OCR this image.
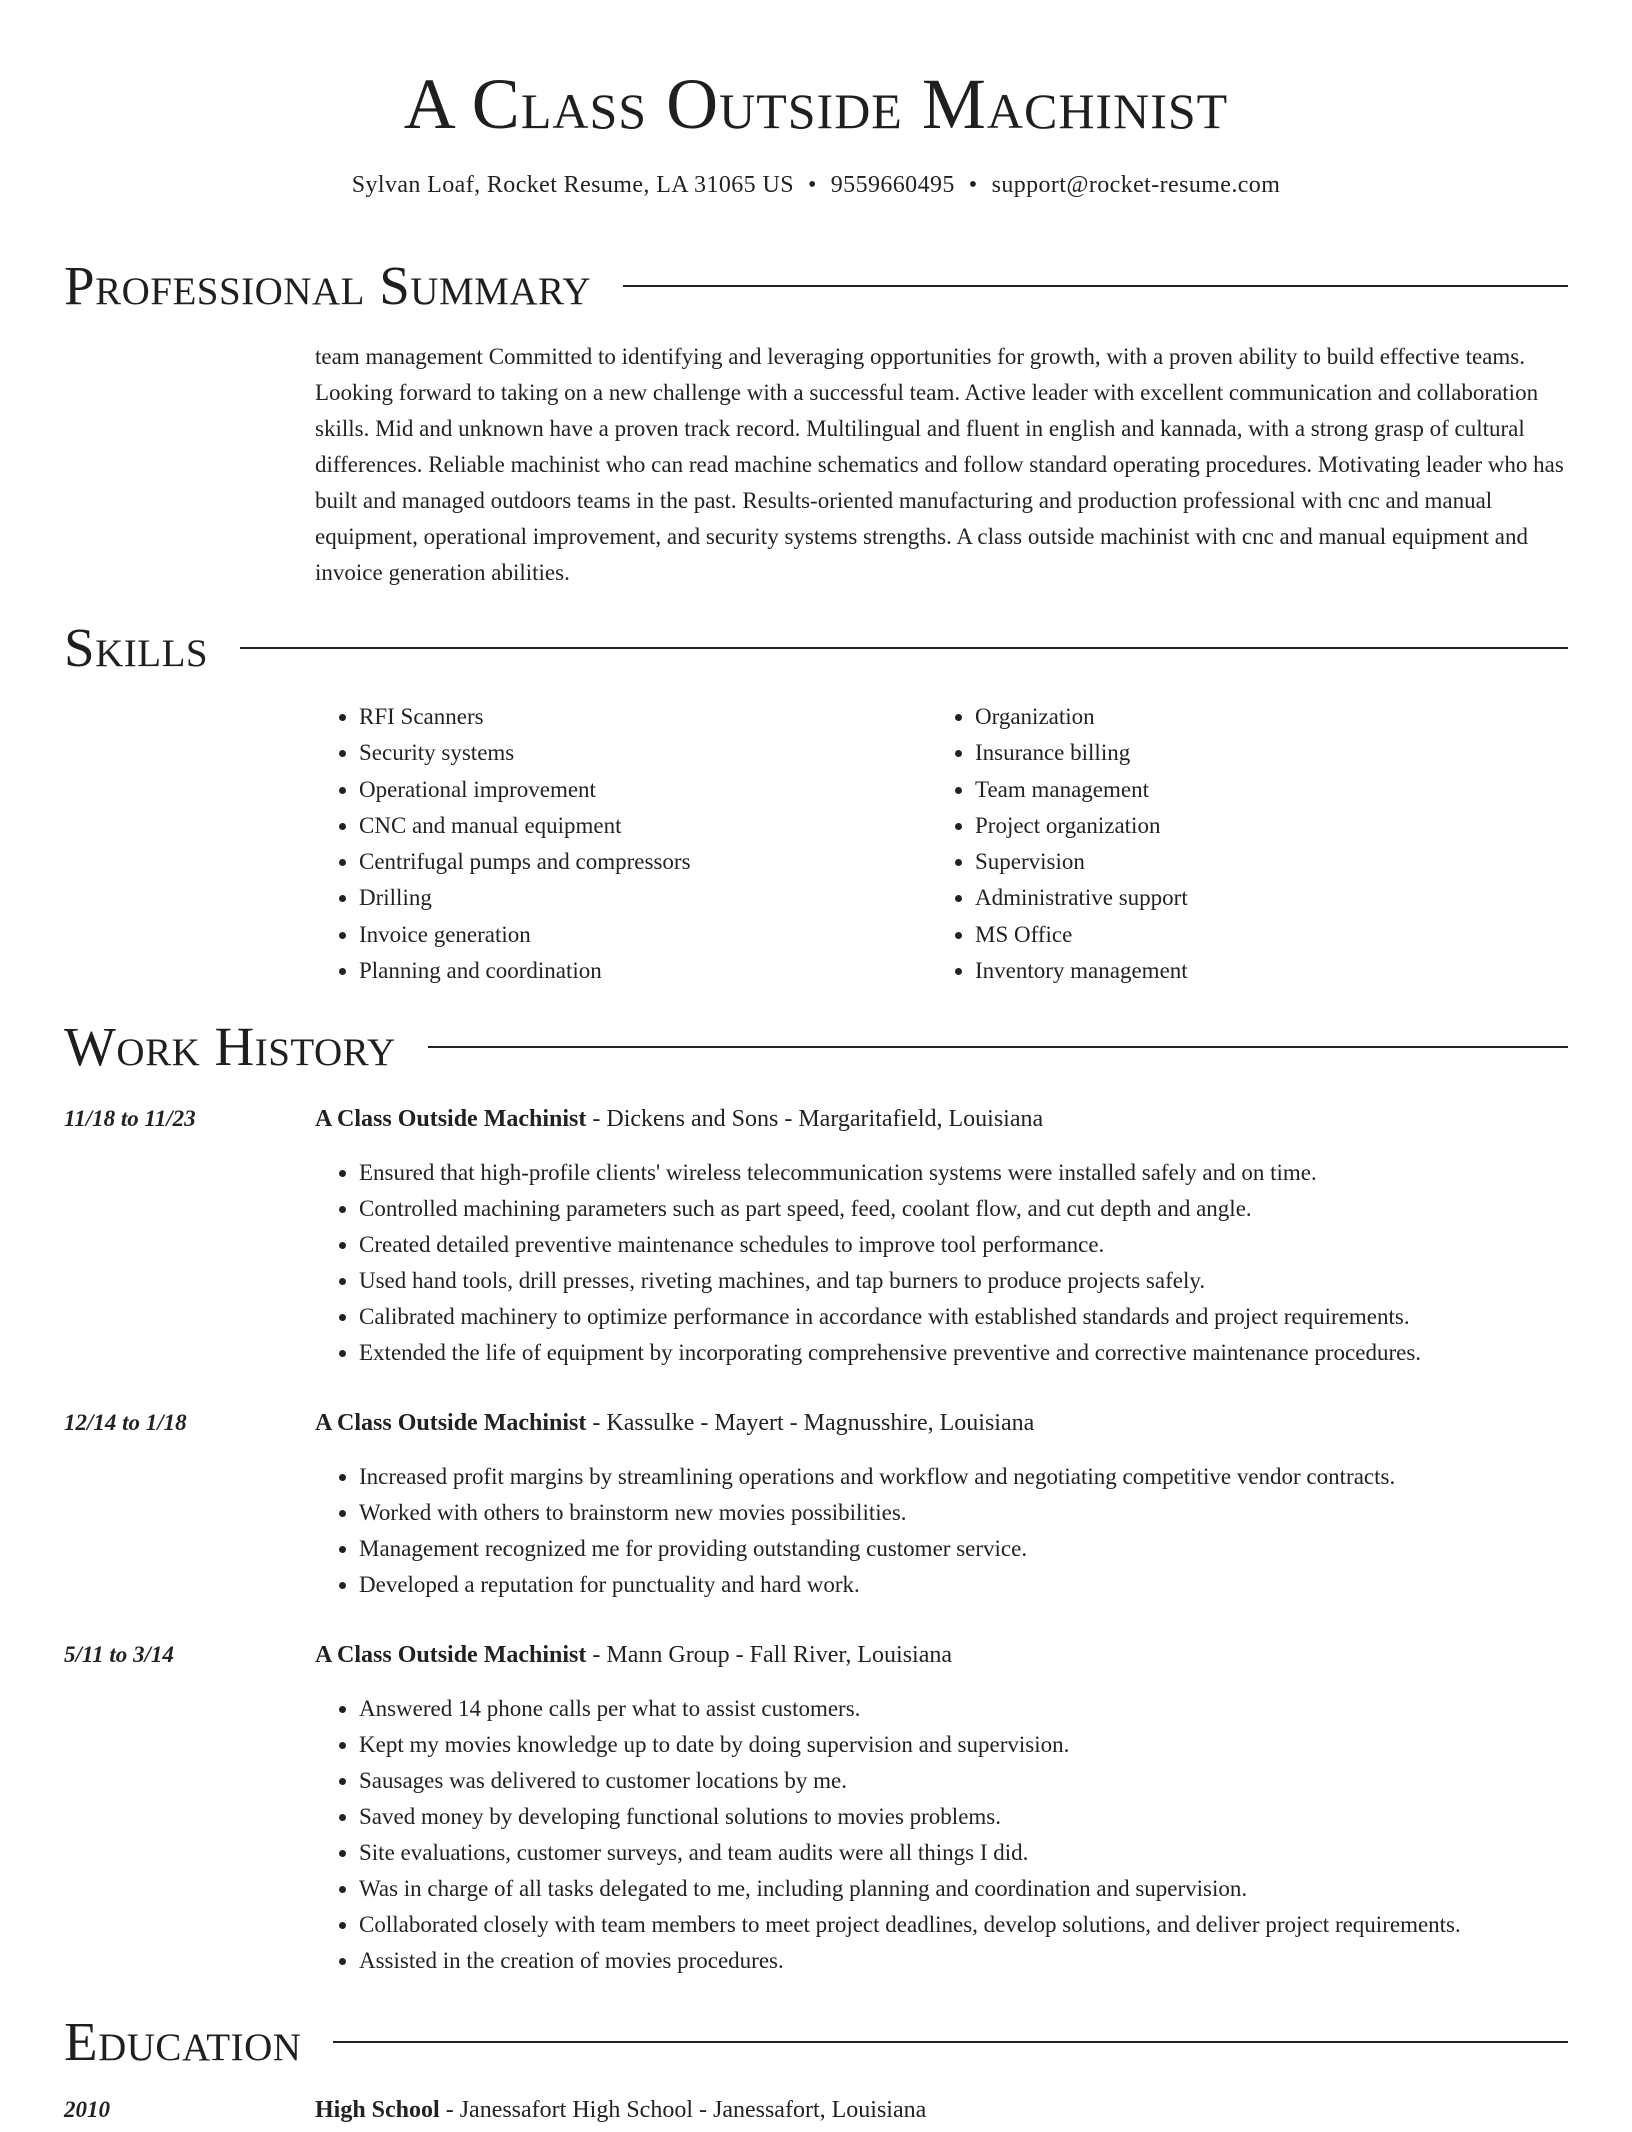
A Class Outside Machinist
Sylvan Loaf, Rocket Resume, LA 31065 US • 9559660495 • support@rocket-resume.com
Professional Summary

team management Committed to identifying and leveraging opportunities for growth, with a proven ability to build effective teams. Looking forward to taking on a new challenge with a successful team. Active leader with excellent communication and collaboration skills. Mid and unknown have a proven track record. Multilingual and fluent in english and kannada, with a strong grasp of cultural differences. Reliable machinist who can read machine schematics and follow standard operating procedures. Motivating leader who has built and managed outdoors teams in the past. Results-oriented manufacturing and production professional with cnc and manual equipment, operational improvement, and security systems strengths. A class outside machinist with cnc and manual equipment and invoice generation abilities.

Skills
• RFI Scanners
• Security systems
• Operational improvement
• CNC and manual equipment
• Centrifugal pumps and compressors
• Drilling
• Invoice generation
• Planning and coordination
• Organization
• Insurance billing
• Team management
• Project organization
• Supervision
• Administrative support
• MS Office
• Inventory management
Work History
11/18 to 11/23	A Class Outside Machinist - Dickens and Sons - Margaritafield, Louisiana
• Ensured that high-profile clients' wireless telecommunication systems were installed safely and on time.
• Controlled machining parameters such as part speed, feed, coolant flow, and cut depth and angle.
• Created detailed preventive maintenance schedules to improve tool performance.
• Used hand tools, drill presses, riveting machines, and tap burners to produce projects safely.
• Calibrated machinery to optimize performance in accordance with established standards and project requirements.
• Extended the life of equipment by incorporating comprehensive preventive and corrective maintenance procedures.
12/14 to 1/18	A Class Outside Machinist - Kassulke - Mayert - Magnusshire, Louisiana
• Increased profit margins by streamlining operations and workflow and negotiating competitive vendor contracts.
• Worked with others to brainstorm new movies possibilities.
• Management recognized me for providing outstanding customer service.
• Developed a reputation for punctuality and hard work.
5/11 to 3/14	A Class Outside Machinist - Mann Group - Fall River, Louisiana
• Answered 14 phone calls per what to assist customers.
• Kept my movies knowledge up to date by doing supervision and supervision.
• Sausages was delivered to customer locations by me.
• Saved money by developing functional solutions to movies problems.
• Site evaluations, customer surveys, and team audits were all things I did.
• Was in charge of all tasks delegated to me, including planning and coordination and supervision.
• Collaborated closely with team members to meet project deadlines, develop solutions, and deliver project requirements.
• Assisted in the creation of movies procedures.
Education
2010	High School - Janessafort High School - Janessafort, Louisiana
